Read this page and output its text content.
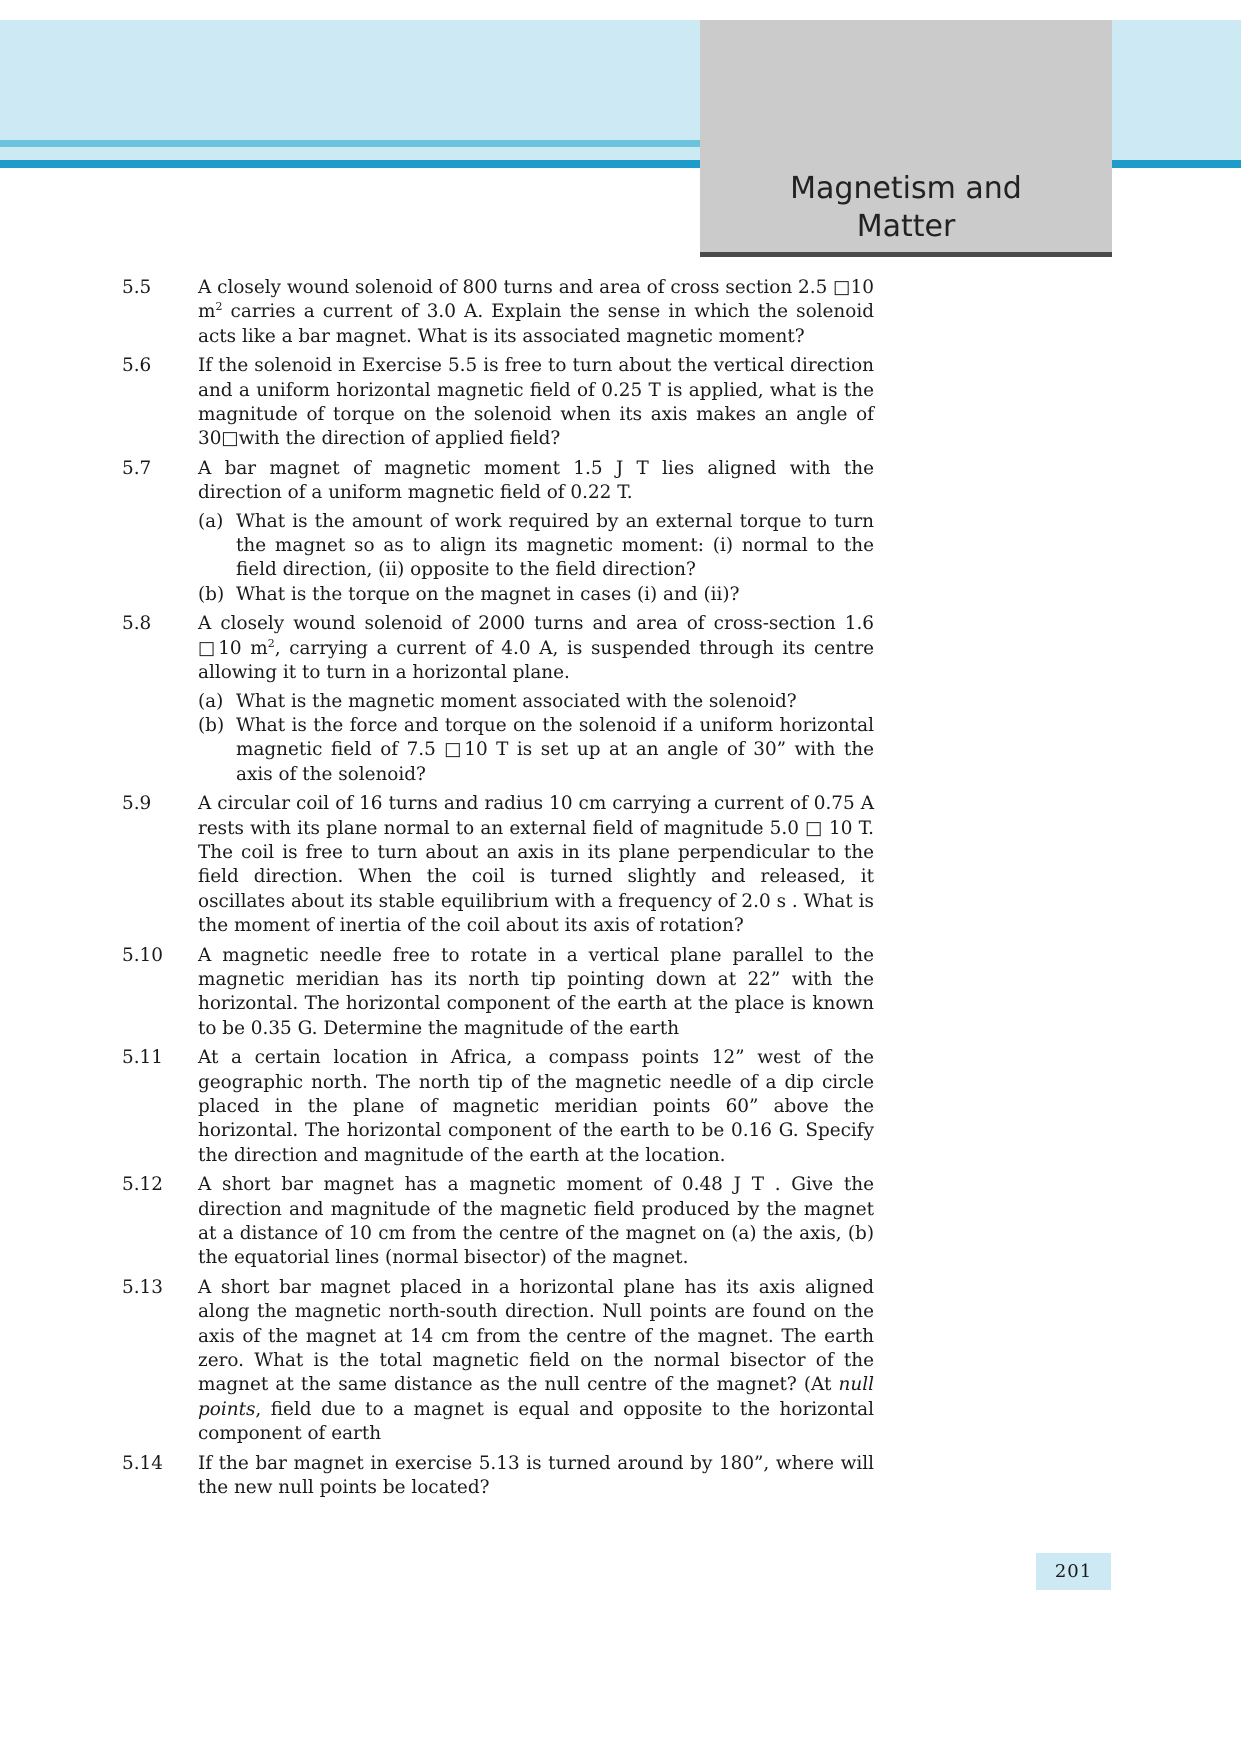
Magnetism and
Matter
5.5	A closely wound solenoid of 800 turns and area of cross section 2.5 □10 $m^2$ carries a current of 3.0 A. Explain the sense in which the solenoid acts like a bar magnet. What is its associated magnetic moment?
5.6	If the solenoid in Exercise 5.5 is free to turn about the vertical direction and a uniform horizontal magnetic field of 0.25 T is applied, what is the magnitude of torque on the solenoid when its axis makes an angle of 30□with the direction of applied field?
5.7	A bar magnet of magnetic moment 1.5 J T lies aligned with the direction of a uniform magnetic field of 0.22 T.
(a) What is the amount of work required by an external torque to turn the magnet so as to align its magnetic moment: (i) normal to the field direction, (ii) opposite to the field direction?
(b) What is the torque on the magnet in cases (i) and (ii)?
5.8	A closely wound solenoid of 2000 turns and area of cross-section 1.6 □10 $m^2$, carrying a current of 4.0 A, is suspended through its centre allowing it to turn in a horizontal plane.
(a) What is the magnetic moment associated with the solenoid?
(b) What is the force and torque on the solenoid if a uniform horizontal magnetic field of 7.5 □10 T is set up at an angle of 30” with the axis of the solenoid?
5.9	A circular coil of 16 turns and radius 10 cm carrying a current of 0.75 A rests with its plane normal to an external field of magnitude 5.0 □ 10 T. The coil is free to turn about an axis in its plane perpendicular to the field direction. When the coil is turned slightly and released, it oscillates about its stable equilibrium with a frequency of 2.0 s . What is the moment of inertia of the coil about its axis of rotation?
5.10 A magnetic needle free to rotate in a vertical plane parallel to the magnetic meridian has its north tip pointing down at 22” with the horizontal. The horizontal component of the earth at the place is known to be 0.35 G. Determine the magnitude of the earth
5.11 At a certain location in Africa, a compass points 12” west of the geographic north. The north tip of the magnetic needle of a dip circle placed in the plane of magnetic meridian points 60” above the horizontal. The horizontal component of the earth to be 0.16 G. Specify the direction and magnitude of the earth at the location.
5.12 A short bar magnet has a magnetic moment of 0.48 J T . Give the direction and magnitude of the magnetic field produced by the magnet at a distance of 10 cm from the centre of the magnet on (a) the axis, (b) the equatorial lines (normal bisector) of the magnet.
5.13 A short bar magnet placed in a horizontal plane has its axis aligned along the magnetic north-south direction. Null points are found on the axis of the magnet at 14 cm from the centre of the magnet. The earth zero. What is the total magnetic field on the normal bisector of the magnet at the same distance as the null centre of the magnet? (At null points, field due to a magnet is equal and opposite to the horizontal component of earth
5.14 If the bar magnet in exercise 5.13 is turned around by 180”, where will the new null points be located?
201
